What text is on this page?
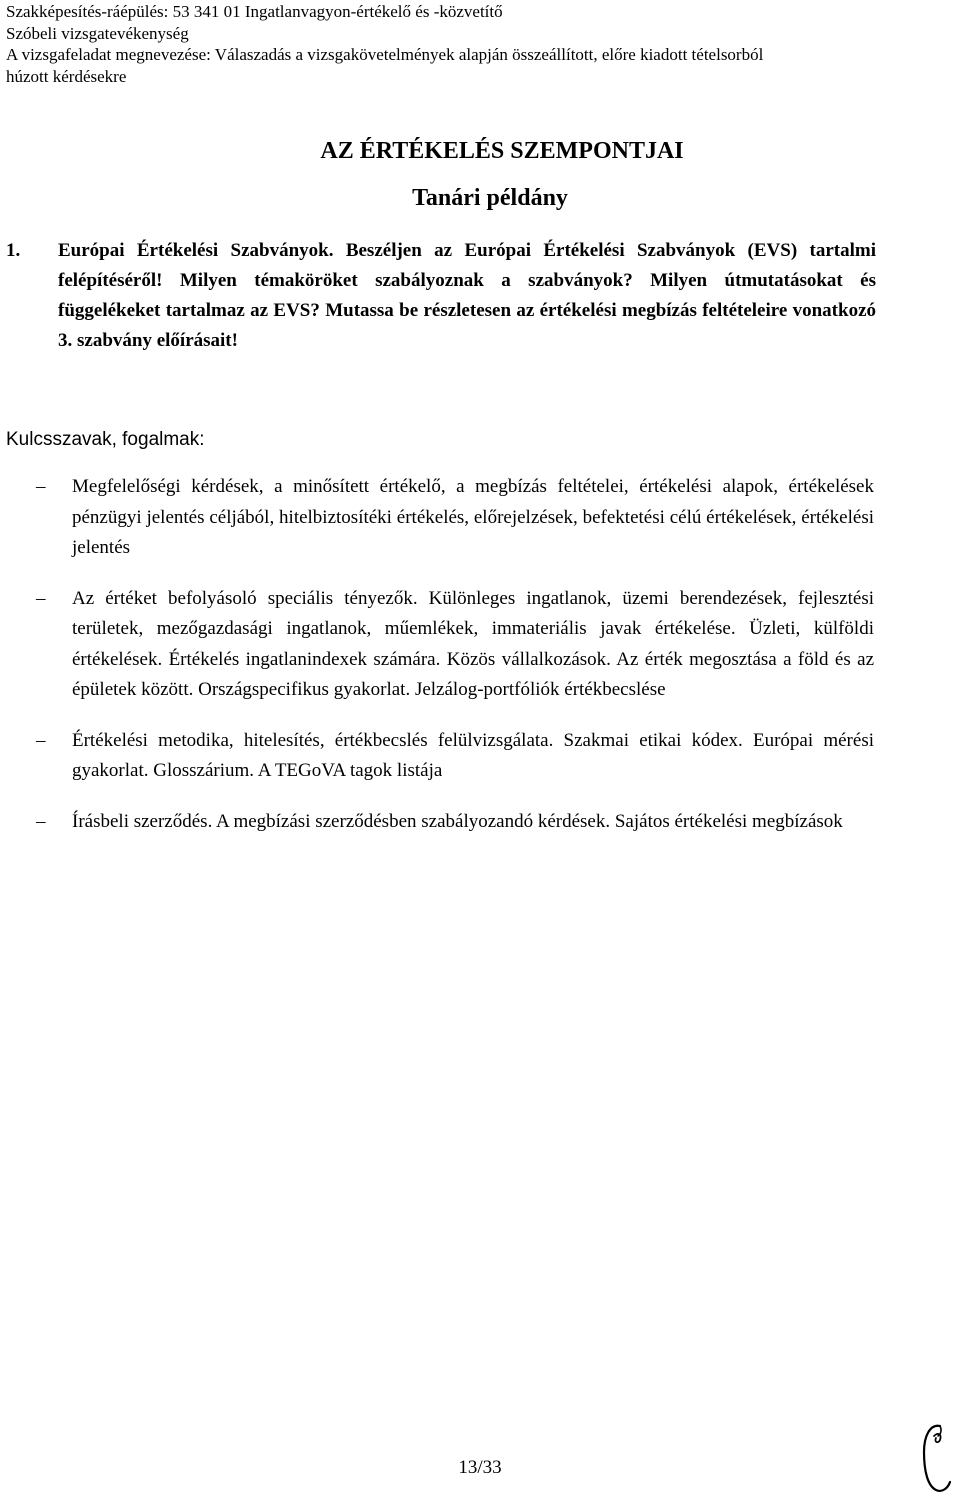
Szakképesítés-ráépülés: 53 341 01 Ingatlanvagyon-értékelő és -közvetítő
Szóbeli vizsgatevékenység
A vizsgafeladat megnevezése: Válaszadás a vizsgakövetelmények alapján összeállított, előre kiadott tételsorból
húzott kérdésekre
AZ ÉRTÉKELÉS SZEMPONTJAI
Tanári példány
1. Európai Értékelési Szabványok. Beszéljen az Európai Értékelési Szabványok (EVS) tartalmi felépítéséről! Milyen témaköröket szabályoznak a szabványok? Milyen útmutatásokat és függelékeket tartalmaz az EVS? Mutassa be részletesen az értékelési megbízás feltételeire vonatkozó 3. szabvány előírásait!
Kulcsszavak, fogalmak:
– Megfelelőségi kérdések, a minősített értékelő, a megbízás feltételei, értékelési alapok, értékelések pénzügyi jelentés céljából, hitelbiztosítéki értékelés, előrejelzések, befektetési célú értékelések, értékelési jelentés
– Az értéket befolyásoló speciális tényezők. Különleges ingatlanok, üzemi berendezések, fejlesztési területek, mezőgazdasági ingatlanok, műemlékek, immateriális javak értékelése. Üzleti, külföldi értékelések. Értékelés ingatlanindexek számára. Közös vállalkozások. Az érték megosztása a föld és az épületek között. Országspecifikus gyakorlat. Jelzálog-portfóliók értékbecslése
– Értékelési metodika, hitelesítés, értékbecslés felülvizsgálata. Szakmai etikai kódex. Európai mérési gyakorlat. Glosszárium. A TEGoVA tagok listája
– Írásbeli szerződés. A megbízási szerződésben szabályozandó kérdések. Sajátos értékelési megbízások
13/33
